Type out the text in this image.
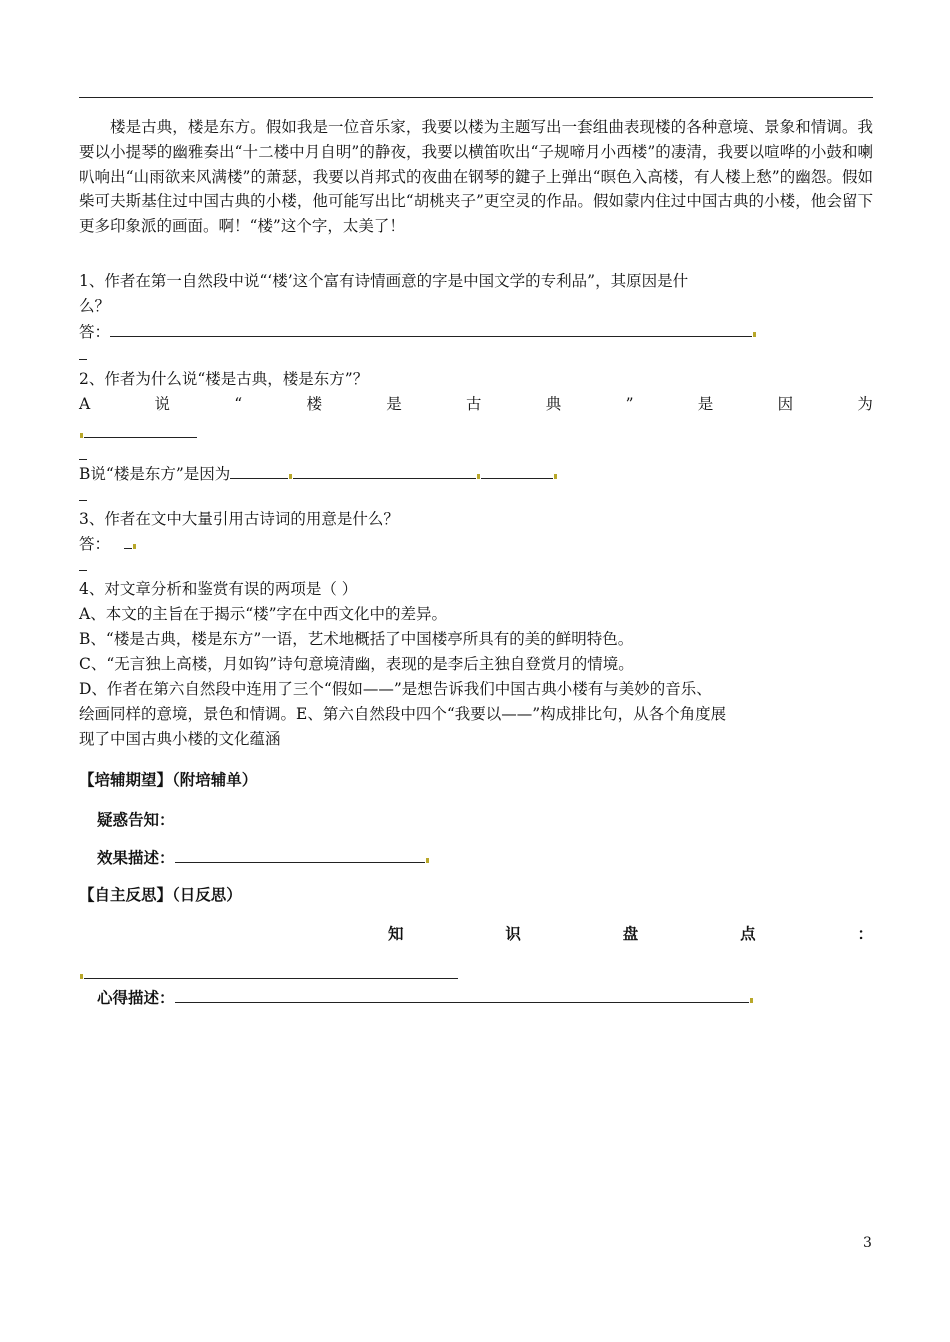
楼是古典，楼是东方。假如我是一位音乐家，我要以楼为主题写出一套组曲表现楼的各种意境、景象和情调。我要以小提琴的幽雅奏出“十二楼中月自明”的静夜，我要以横笛吹出“子规啼月小西楼”的凄清，我要以喧哗的小鼓和喇叭响出“山雨欲来风满楼”的萧瑟，我要以肖邦式的夜曲在钢琴的鍵子上弹出“暝色入高楼，有人楼上愁”的幽怨。假如柴可夫斯基住过中国古典的小楼，他可能写出比“胡桃夹子”更空灵的作品。假如蒙内住过中国古典的小楼，他会留下更多印象派的画面。啊！“楼”这个字，太美了！

1、作者在第一自然段中说“‘楼’这个富有诗情画意的字是中国文学的专利品”，其原因是什
么？
答：
2、作者为什么说“楼是古典，楼是东方”？
A	说	“	楼	是	古	典	”	是	因	为
B说“楼是东方”是因为
3、作者在文中大量引用古诗词的用意是什么？
答：
4、对文章分析和鉴赏有误的两项是（ ）
A、本文的主旨在于揭示“楼”字在中西文化中的差异。
B、“楼是古典，楼是东方”一语，艺术地概括了中国楼亭所具有的美的鲜明特色。
C、“无言独上高楼，月如钩”诗句意境清幽，表现的是李后主独自登赏月的情境。
D、作者在第六自然段中连用了三个“假如——”是想告诉我们中国古典小楼有与美妙的音乐、
绘画同样的意境，景色和情调。E、第六自然段中四个“我要以——”构成排比句，从各个角度展
现了中国古典小楼的文化蕴涵
【培辅期望】（附培辅单）
疑惑告知：
效果描述：
【自主反思】（日反思）
知	识	盘	点	：
心得描述：
3
